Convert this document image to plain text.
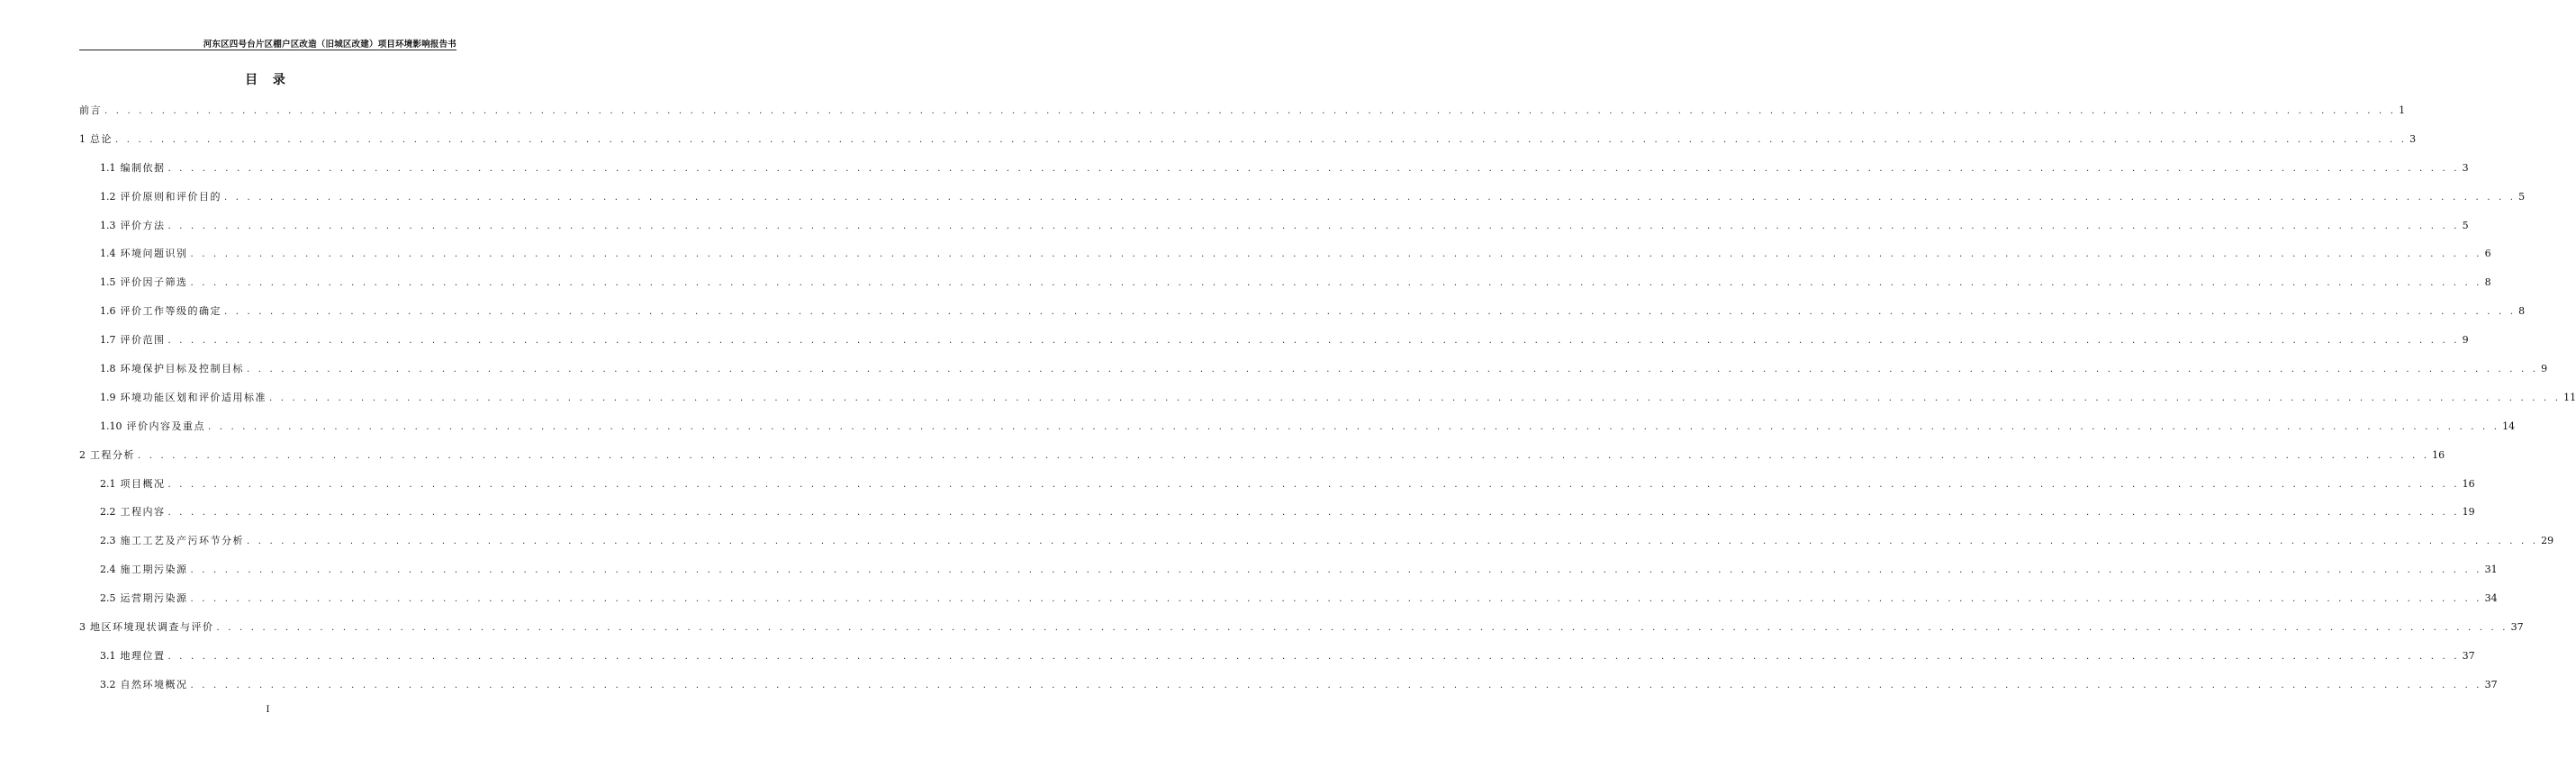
河东区四号台片区棚户区改造（旧城区改建）项目环境影响报告书
目 录
前言 . . . . . . . . . . . . . . . . . . . . . . . . . . . . . . . . . . . . . . . . . . . . . . . . . . . . . . . . . . . . . . . . . . . . . . . . . . . . . . . . . . . . . . . . . . . . . . . . . . . . . . . . . . . . . . . . . . . . . . . . . . . . . . . . . . . . . . . . . . . . . . . . . . . . . . . . . . . . . . . . . . . . . . . . . . . . . . . . . . . . . . . . . . . . . . . . . . . . . . . . 1
1 总论 . . . . . . . . . . . . . . . . . . . . . . . . . . . . . . . . . . . . . . . . . . . . . . . . . . . . . . . . . . . . . . . . . . . . . . . . . . . . . . . . . . . . . . . . . . . . . . . . . . . . . . . . . . . . . . . . . . . . . . . . . . . . . . . . . . . . . . . . . . . . . . . . . . . . . . . . . . . . . . . . . . . . . . . . . . . . . . . . . . . . . . . . . . . . . . . . . . . . . . . . 3
1.1 编制依据 . . . . . . . . . . . . . . . . . . . . . . . . . . . . . . . . . . . . . . . . . . . . . . . . . . . . . . . . . . . . . . . . . . . . . . . . . . . . . . . . . . . . . . . . . . . . . . . . . . . . . . . . . . . . . . . . . . . . . . . . . . . . . . . . . . . . . . . . . . . . . . . . . . . . . . . . . . . . . . . . . . . . . . . . . . . . . . . . . . . . . . . . . . . . . . . . . . . . . . . . 3
1.2 评价原则和评价目的 . . . . . . . . . . . . . . . . . . . . . . . . . . . . . . . . . . . . . . . . . . . . . . . . . . . . . . . . . . . . . . . . . . . . . . . . . . . . . . . . . . . . . . . . . . . . . . . . . . . . . . . . . . . . . . . . . . . . . . . . . . . . . . . . . . . . . . . . . . . . . . . . . . . . . . . . . . . . . . . . . . . . . . . . . . . . . . . . . . . . . . . . . . . . . . . . . . . . . . . . 5
1.3 评价方法 . . . . . . . . . . . . . . . . . . . . . . . . . . . . . . . . . . . . . . . . . . . . . . . . . . . . . . . . . . . . . . . . . . . . . . . . . . . . . . . . . . . . . . . . . . . . . . . . . . . . . . . . . . . . . . . . . . . . . . . . . . . . . . . . . . . . . . . . . . . . . . . . . . . . . . . . . . . . . . . . . . . . . . . . . . . . . . . . . . . . . . . . . . . . . . . . . . . . . . . . 5
1.4 环境问题识别 . . . . . . . . . . . . . . . . . . . . . . . . . . . . . . . . . . . . . . . . . . . . . . . . . . . . . . . . . . . . . . . . . . . . . . . . . . . . . . . . . . . . . . . . . . . . . . . . . . . . . . . . . . . . . . . . . . . . . . . . . . . . . . . . . . . . . . . . . . . . . . . . . . . . . . . . . . . . . . . . . . . . . . . . . . . . . . . . . . . . . . . . . . . . . . . . . . . . . . . . 6
1.5 评价因子筛选 . . . . . . . . . . . . . . . . . . . . . . . . . . . . . . . . . . . . . . . . . . . . . . . . . . . . . . . . . . . . . . . . . . . . . . . . . . . . . . . . . . . . . . . . . . . . . . . . . . . . . . . . . . . . . . . . . . . . . . . . . . . . . . . . . . . . . . . . . . . . . . . . . . . . . . . . . . . . . . . . . . . . . . . . . . . . . . . . . . . . . . . . . . . . . . . . . . . . . . . . 8
1.6 评价工作等级的确定 . . . . . . . . . . . . . . . . . . . . . . . . . . . . . . . . . . . . . . . . . . . . . . . . . . . . . . . . . . . . . . . . . . . . . . . . . . . . . . . . . . . . . . . . . . . . . . . . . . . . . . . . . . . . . . . . . . . . . . . . . . . . . . . . . . . . . . . . . . . . . . . . . . . . . . . . . . . . . . . . . . . . . . . . . . . . . . . . . . . . . . . . . . . . . . . . . . . . . . . . 8
1.7 评价范围 . . . . . . . . . . . . . . . . . . . . . . . . . . . . . . . . . . . . . . . . . . . . . . . . . . . . . . . . . . . . . . . . . . . . . . . . . . . . . . . . . . . . . . . . . . . . . . . . . . . . . . . . . . . . . . . . . . . . . . . . . . . . . . . . . . . . . . . . . . . . . . . . . . . . . . . . . . . . . . . . . . . . . . . . . . . . . . . . . . . . . . . . . . . . . . . . . . . . . . . . 9
1.8 环境保护目标及控制目标 . . . . . . . . . . . . . . . . . . . . . . . . . . . . . . . . . . . . . . . . . . . . . . . . . . . . . . . . . . . . . . . . . . . . . . . . . . . . . . . . . . . . . . . . . . . . . . . . . . . . . . . . . . . . . . . . . . . . . . . . . . . . . . . . . . . . . . . . . . . . . . . . . . . . . . . . . . . . . . . . . . . . . . . . . . . . . . . . . . . . . . . . . . . . . . . . . . . . . . . . 9
1.9 环境功能区划和评价适用标准 . . . . . . . . . . . . . . . . . . . . . . . . . . . . . . . . . . . . . . . . . . . . . . . . . . . . . . . . . . . . . . . . . . . . . . . . . . . . . . . . . . . . . . . . . . . . . . . . . . . . . . . . . . . . . . . . . . . . . . . . . . . . . . . . . . . . . . . . . . . . . . . . . . . . . . . . . . . . . . . . . . . . . . . . . . . . . . . . . . . . . . . . . . . . . . . . . . . . . . . . 11
1.10 评价内容及重点 . . . . . . . . . . . . . . . . . . . . . . . . . . . . . . . . . . . . . . . . . . . . . . . . . . . . . . . . . . . . . . . . . . . . . . . . . . . . . . . . . . . . . . . . . . . . . . . . . . . . . . . . . . . . . . . . . . . . . . . . . . . . . . . . . . . . . . . . . . . . . . . . . . . . . . . . . . . . . . . . . . . . . . . . . . . . . . . . . . . . . . . . . . . . . . . . . . . . . . . . 14
2 工程分析 . . . . . . . . . . . . . . . . . . . . . . . . . . . . . . . . . . . . . . . . . . . . . . . . . . . . . . . . . . . . . . . . . . . . . . . . . . . . . . . . . . . . . . . . . . . . . . . . . . . . . . . . . . . . . . . . . . . . . . . . . . . . . . . . . . . . . . . . . . . . . . . . . . . . . . . . . . . . . . . . . . . . . . . . . . . . . . . . . . . . . . . . . . . . . . . . . . . . . . . . 16
2.1 项目概况 . . . . . . . . . . . . . . . . . . . . . . . . . . . . . . . . . . . . . . . . . . . . . . . . . . . . . . . . . . . . . . . . . . . . . . . . . . . . . . . . . . . . . . . . . . . . . . . . . . . . . . . . . . . . . . . . . . . . . . . . . . . . . . . . . . . . . . . . . . . . . . . . . . . . . . . . . . . . . . . . . . . . . . . . . . . . . . . . . . . . . . . . . . . . . . . . . . . . . . . . 16
2.2 工程内容 . . . . . . . . . . . . . . . . . . . . . . . . . . . . . . . . . . . . . . . . . . . . . . . . . . . . . . . . . . . . . . . . . . . . . . . . . . . . . . . . . . . . . . . . . . . . . . . . . . . . . . . . . . . . . . . . . . . . . . . . . . . . . . . . . . . . . . . . . . . . . . . . . . . . . . . . . . . . . . . . . . . . . . . . . . . . . . . . . . . . . . . . . . . . . . . . . . . . . . . . 19
2.3 施工工艺及产污环节分析 . . . . . . . . . . . . . . . . . . . . . . . . . . . . . . . . . . . . . . . . . . . . . . . . . . . . . . . . . . . . . . . . . . . . . . . . . . . . . . . . . . . . . . . . . . . . . . . . . . . . . . . . . . . . . . . . . . . . . . . . . . . . . . . . . . . . . . . . . . . . . . . . . . . . . . . . . . . . . . . . . . . . . . . . . . . . . . . . . . . . . . . . . . . . . . . . . . . . . . . . 29
2.4 施工期污染源 . . . . . . . . . . . . . . . . . . . . . . . . . . . . . . . . . . . . . . . . . . . . . . . . . . . . . . . . . . . . . . . . . . . . . . . . . . . . . . . . . . . . . . . . . . . . . . . . . . . . . . . . . . . . . . . . . . . . . . . . . . . . . . . . . . . . . . . . . . . . . . . . . . . . . . . . . . . . . . . . . . . . . . . . . . . . . . . . . . . . . . . . . . . . . . . . . . . . . . . . 31
2.5 运营期污染源 . . . . . . . . . . . . . . . . . . . . . . . . . . . . . . . . . . . . . . . . . . . . . . . . . . . . . . . . . . . . . . . . . . . . . . . . . . . . . . . . . . . . . . . . . . . . . . . . . . . . . . . . . . . . . . . . . . . . . . . . . . . . . . . . . . . . . . . . . . . . . . . . . . . . . . . . . . . . . . . . . . . . . . . . . . . . . . . . . . . . . . . . . . . . . . . . . . . . . . . . 34
3 地区环境现状调查与评价 . . . . . . . . . . . . . . . . . . . . . . . . . . . . . . . . . . . . . . . . . . . . . . . . . . . . . . . . . . . . . . . . . . . . . . . . . . . . . . . . . . . . . . . . . . . . . . . . . . . . . . . . . . . . . . . . . . . . . . . . . . . . . . . . . . . . . . . . . . . . . . . . . . . . . . . . . . . . . . . . . . . . . . . . . . . . . . . . . . . . . . . . . . . . . . . . . . . . . . . . 37
3.1 地理位置 . . . . . . . . . . . . . . . . . . . . . . . . . . . . . . . . . . . . . . . . . . . . . . . . . . . . . . . . . . . . . . . . . . . . . . . . . . . . . . . . . . . . . . . . . . . . . . . . . . . . . . . . . . . . . . . . . . . . . . . . . . . . . . . . . . . . . . . . . . . . . . . . . . . . . . . . . . . . . . . . . . . . . . . . . . . . . . . . . . . . . . . . . . . . . . . . . . . . . . . . 37
3.2 自然环境概况 . . . . . . . . . . . . . . . . . . . . . . . . . . . . . . . . . . . . . . . . . . . . . . . . . . . . . . . . . . . . . . . . . . . . . . . . . . . . . . . . . . . . . . . . . . . . . . . . . . . . . . . . . . . . . . . . . . . . . . . . . . . . . . . . . . . . . . . . . . . . . . . . . . . . . . . . . . . . . . . . . . . . . . . . . . . . . . . . . . . . . . . . . . . . . . . . . . . . . . . . 37
I
